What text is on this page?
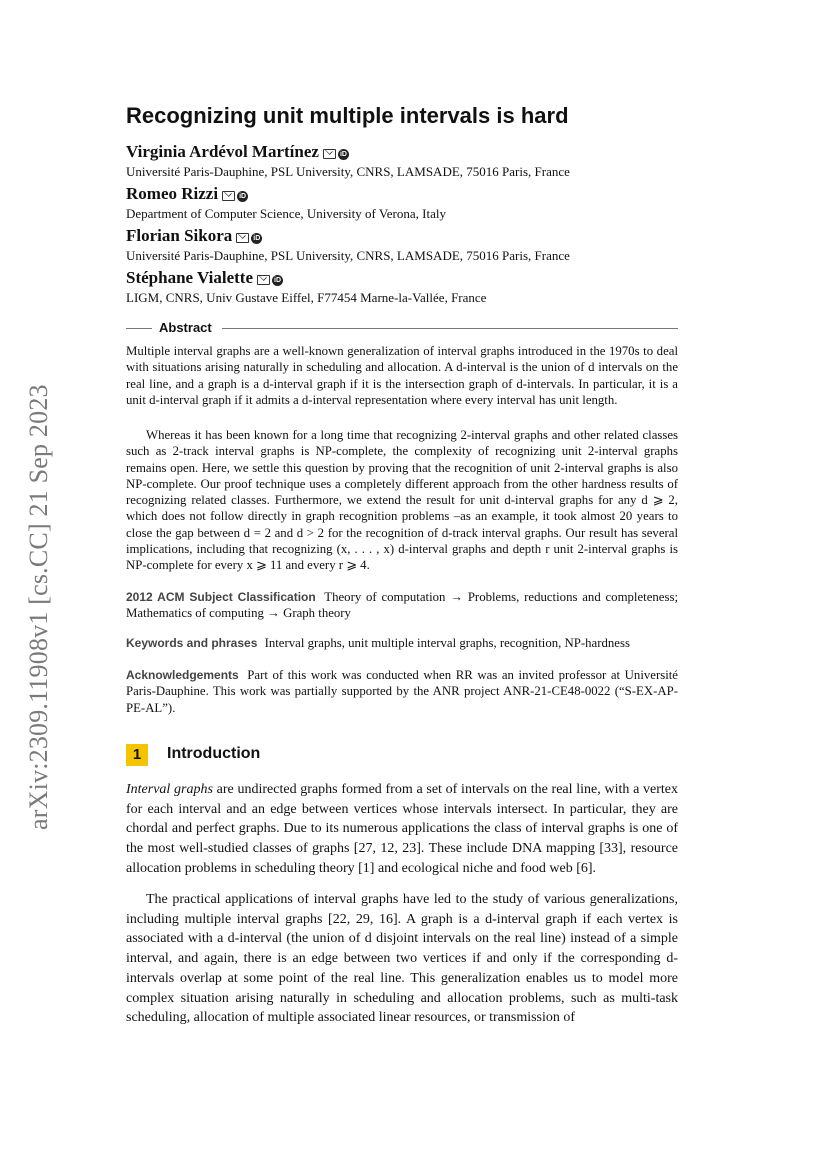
arXiv:2309.11908v1 [cs.CC] 21 Sep 2023
Recognizing unit multiple intervals is hard

Virginia Ardévol Martínez	iD

Université Paris-Dauphine, PSL University, CNRS, LAMSADE, 75016 Paris, France

Romeo Rizzi	iD

Department of Computer Science, University of Verona, Italy

Florian Sikora	iD

Université Paris-Dauphine, PSL University, CNRS, LAMSADE, 75016 Paris, France

Stéphane Vialette	iD

LIGM, CNRS, Univ Gustave Eiffel, F77454 Marne-la-Vallée, France

Abstract

Multiple interval graphs are a well-known generalization of interval graphs introduced in the 1970s to deal with situations arising naturally in scheduling and allocation. A d-interval is the union of d intervals on the real line, and a graph is a d-interval graph if it is the intersection graph of d-intervals. In particular, it is a unit d-interval graph if it admits a d-interval representation where every interval has unit length.

Whereas it has been known for a long time that recognizing 2-interval graphs and other related classes such as 2-track interval graphs is NP-complete, the complexity of recognizing unit 2-interval graphs remains open. Here, we settle this question by proving that the recognition of unit 2-interval graphs is also NP-complete. Our proof technique uses a completely different approach from the other hardness results of recognizing related classes. Furthermore, we extend the result for unit d-interval graphs for any d ⩾ 2, which does not follow directly in graph recognition problems –as an example, it took almost 20 years to close the gap between d = 2 and d > 2 for the recognition of d-track interval graphs. Our result has several implications, including that recognizing (x, . . . , x) d-interval graphs and depth r unit 2-interval graphs is NP-complete for every x ⩾ 11 and every r ⩾ 4.

2012 ACM Subject Classification Theory of computation → Problems, reductions and completeness; Mathematics of computing → Graph theory

Keywords and phrases Interval graphs, unit multiple interval graphs, recognition, NP-hardness

Acknowledgements Part of this work was conducted when RR was an invited professor at Université Paris-Dauphine. This work was partially supported by the ANR project ANR-21-CE48-0022 (“S-EX-AP-PE-AL”).

1	Introduction

Interval graphs are undirected graphs formed from a set of intervals on the real line, with a vertex for each interval and an edge between vertices whose intervals intersect. In particular, they are chordal and perfect graphs. Due to its numerous applications the class of interval graphs is one of the most well-studied classes of graphs [27, 12, 23]. These include DNA mapping [33], resource allocation problems in scheduling theory [1] and ecological niche and food web [6].

The practical applications of interval graphs have led to the study of various generalizations, including multiple interval graphs [22, 29, 16]. A graph is a d-interval graph if each vertex is associated with a d-interval (the union of d disjoint intervals on the real line) instead of a simple interval, and again, there is an edge between two vertices if and only if the corresponding d-intervals overlap at some point of the real line. This generalization enables us to model more complex situation arising naturally in scheduling and allocation problems, such as multi-task scheduling, allocation of multiple associated linear resources, or transmission of
